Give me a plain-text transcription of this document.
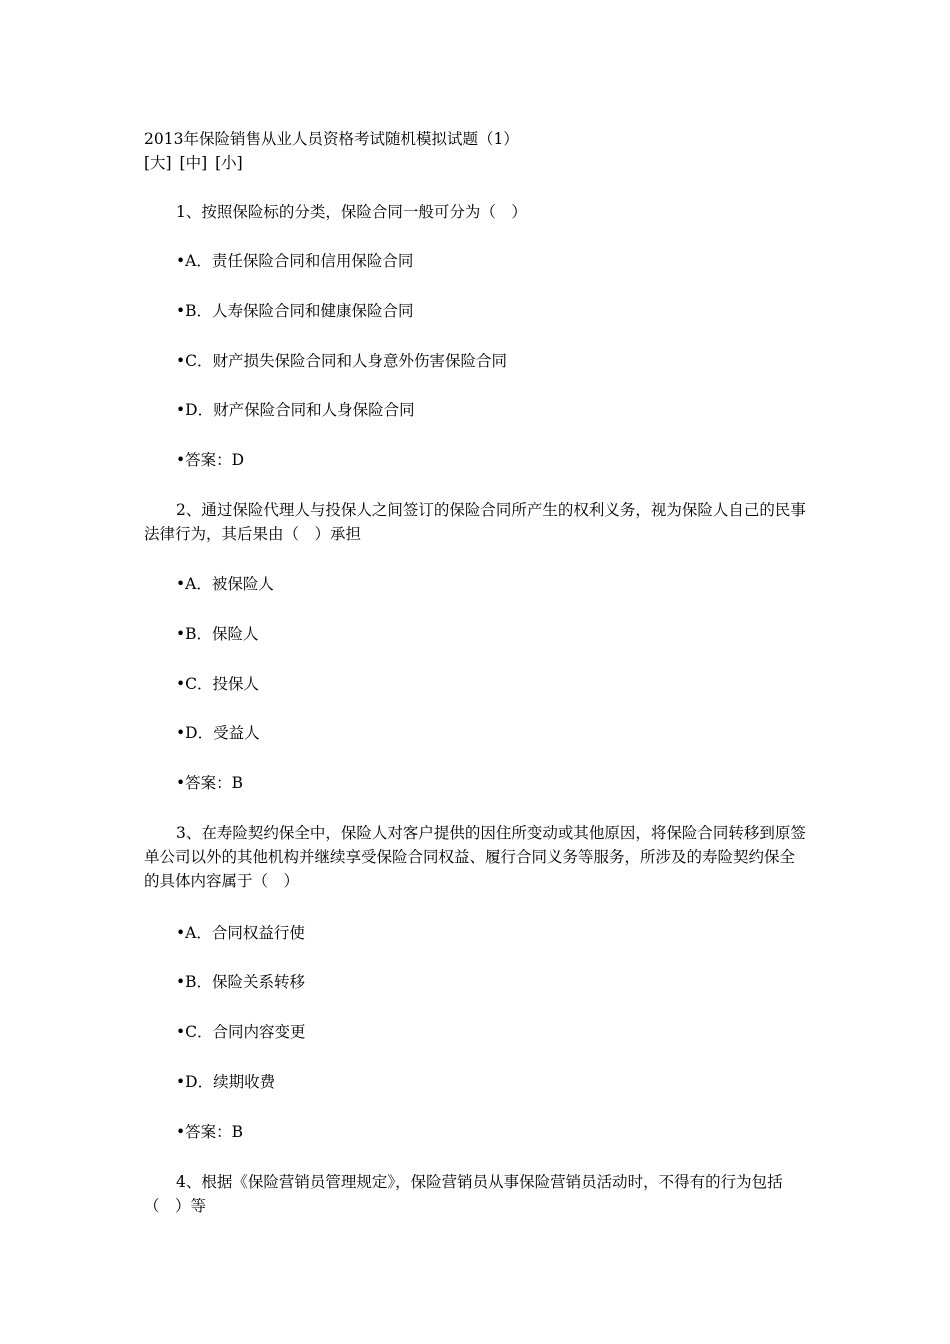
2013年保险销售从业人员资格考试随机模拟试题（1）
[大] [中] [小]
1、按照保险标的分类，保险合同一般可分为（　）
•A．责任保险合同和信用保险合同
•B．人寿保险合同和健康保险合同
•C．财产损失保险合同和人身意外伤害保险合同
•D．财产保险合同和人身保险合同
•答案：D
2、通过保险代理人与投保人之间签订的保险合同所产生的权利义务，视为保险人自己的民事法律行为，其后果由（　）承担
•A．被保险人
•B．保险人
•C．投保人
•D．受益人
•答案：B
3、在寿险契约保全中，保险人对客户提供的因住所变动或其他原因，将保险合同转移到原签单公司以外的其他机构并继续享受保险合同权益、履行合同义务等服务，所涉及的寿险契约保全的具体内容属于（　）
•A．合同权益行使
•B．保险关系转移
•C．合同内容变更
•D．续期收费
•答案：B
4、根据《保险营销员管理规定》，保险营销员从事保险营销员活动时，不得有的行为包括（　）等
